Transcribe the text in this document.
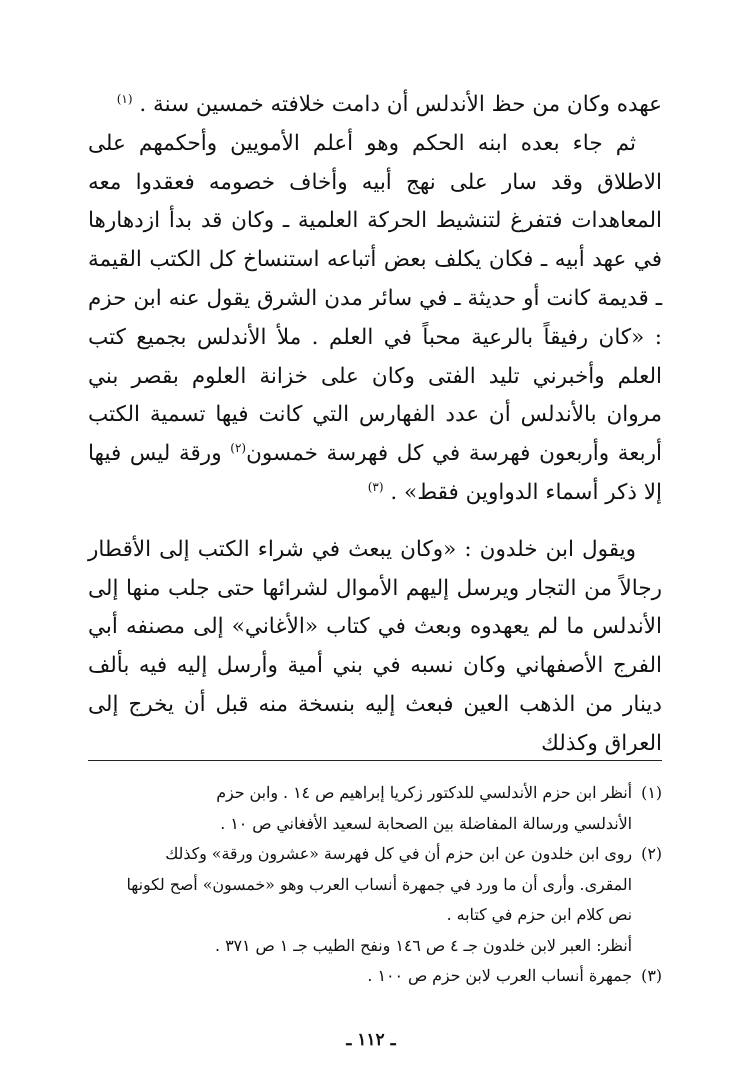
عهده وكان من حظ الأندلس أن دامت خلافته خمسين سنة . $^{(١)}$

ثم جاء بعده ابنه الحكم وهو أعلم الأمويين وأحكمهم على الاطلاق وقد سار على نهج أبيه وأخاف خصومه فعقدوا معه المعاهدات فتفرغ لتنشيط الحركة العلمية ـ وكان قد بدأ ازدهارها في عهد أبيه ـ فكان يكلف بعض أتباعه استنساخ كل الكتب القيمة ـ قديمة كانت أو حديثة ـ في سائر مدن الشرق يقول عنه ابن حزم : «كان رفيقاً بالرعية محباً في العلم . ملأ الأندلس بجميع كتب العلم وأخبرني تليد الفتى وكان على خزانة العلوم بقصر بني مروان بالأندلس أن عدد الفهارس التي كانت فيها تسمية الكتب أربعة وأربعون فهرسة في كل فهرسة خمسون$^{(٢)}$ ورقة ليس فيها إلا ذكر أسماء الدواوين فقط» . $^{(٣)}$

ويقول ابن خلدون : «وكان يبعث في شراء الكتب إلى الأقطار رجالاً من التجار ويرسل إليهم الأموال لشرائها حتى جلب منها إلى الأندلس ما لم يعهدوه وبعث في كتاب «الأغاني» إلى مصنفه أبي الفرج الأصفهاني وكان نسبه في بني أمية وأرسل إليه فيه بألف دينار من الذهب العين فبعث إليه بنسخة منه قبل أن يخرج إلى العراق وكذلك

(١)
أنظر ابن حزم الأندلسي للدكتور زكريا إبراهيم ص ١٤ . وابن حزم
الأندلسي ورسالة المفاضلة بين الصحابة لسعيد الأفغاني ص ١٠ .
(٢)
روى ابن خلدون عن ابن حزم أن في كل فهرسة «عشرون ورقة» وكذلك
المقرى. وأرى أن ما ورد في جمهرة أنساب العرب وهو «خمسون» أصح لكونها
نص كلام ابن حزم في كتابه .
أنظر: العبر لابن خلدون جـ ٤ ص ١٤٦ ونفح الطيب جـ ١ ص ٣٧١ .
(٣)
جمهرة أنساب العرب لابن حزم ص ١٠٠ .
ـ ١١٢ ـ
